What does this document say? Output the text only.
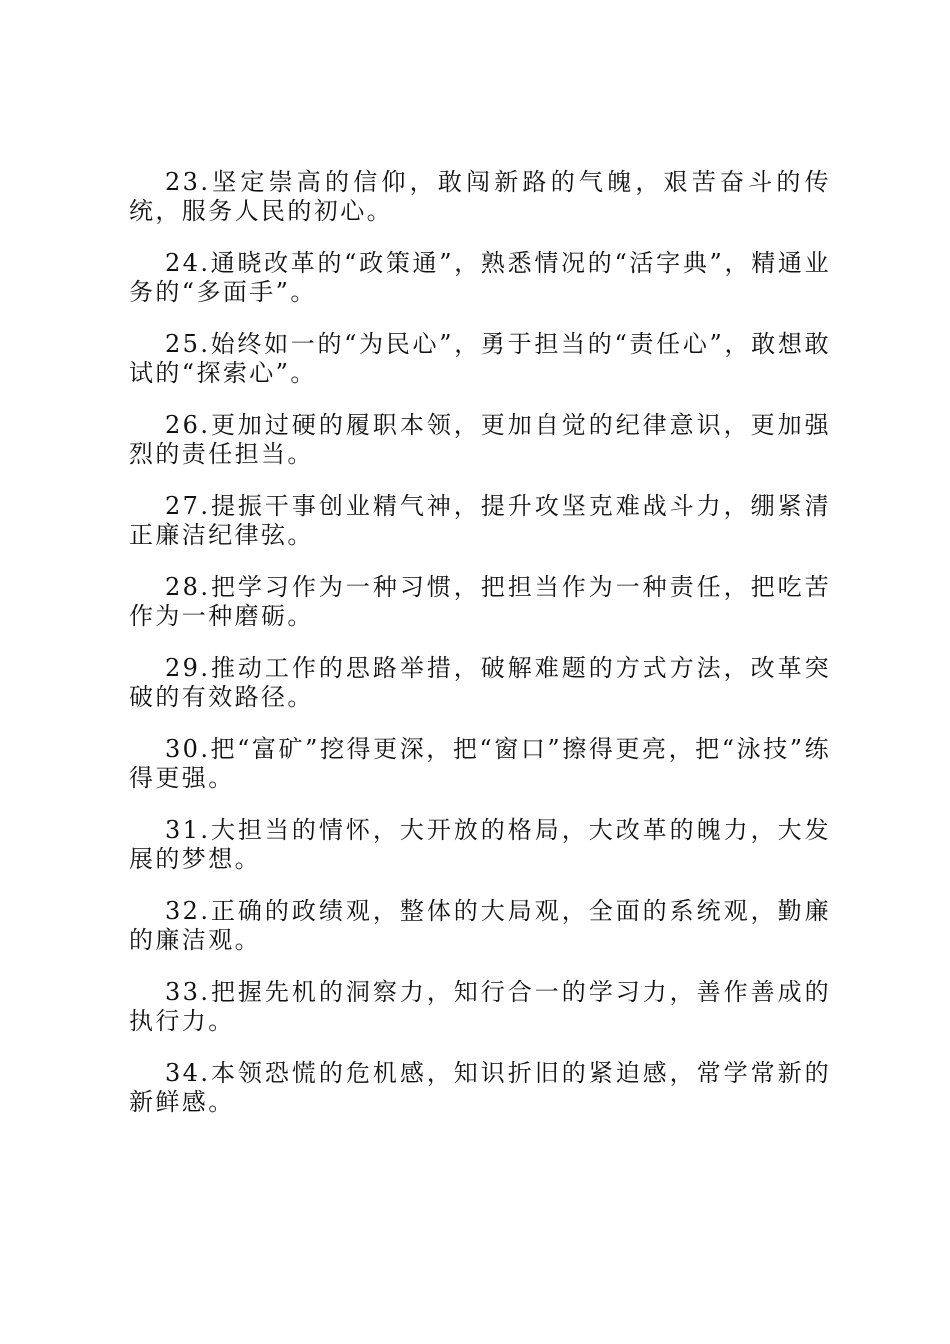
23.坚定崇高的信仰，敢闯新路的气魄，艰苦奋斗的传统，服务人民的初心。

24.通晓改革的“政策通”，熟悉情况的“活字典”，精通业务的“多面手”。

25.始终如一的“为民心”，勇于担当的“责任心”，敢想敢试的“探索心”。

26.更加过硬的履职本领，更加自觉的纪律意识，更加强烈的责任担当。

27.提振干事创业精气神，提升攻坚克难战斗力，绷紧清正廉洁纪律弦。

28.把学习作为一种习惯，把担当作为一种责任，把吃苦作为一种磨砺。

29.推动工作的思路举措，破解难题的方式方法，改革突破的有效路径。

30.把“富矿”挖得更深，把“窗口”擦得更亮，把“泳技”练得更强。

31.大担当的情怀，大开放的格局，大改革的魄力，大发展的梦想。

32.正确的政绩观，整体的大局观，全面的系统观，勤廉的廉洁观。

33.把握先机的洞察力，知行合一的学习力，善作善成的执行力。

34.本领恐慌的危机感，知识折旧的紧迫感，常学常新的新鲜感。
